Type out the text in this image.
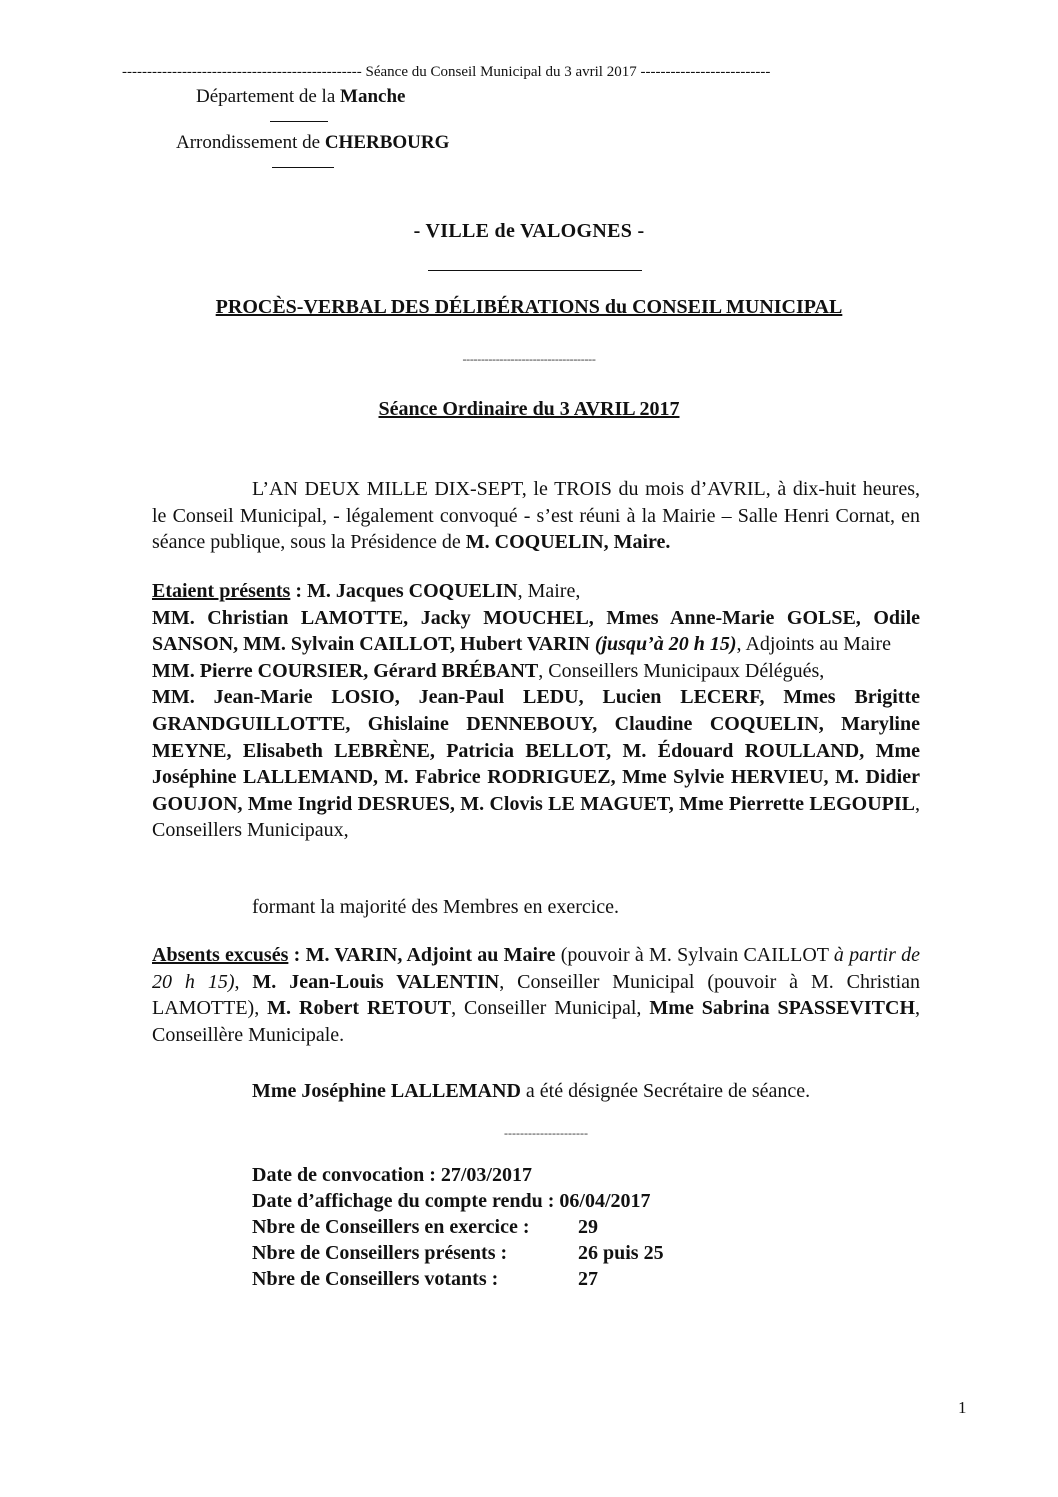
------------------------------------------------ Séance du Conseil Municipal du 3 avril 2017 --------------------------
Département de la Manche
Arrondissement de CHERBOURG
- VILLE de VALOGNES -
PROCÈS-VERBAL DES DÉLIBÉRATIONS du CONSEIL MUNICIPAL
------------------------------------
Séance Ordinaire du 3 AVRIL 2017
L’AN DEUX MILLE DIX-SEPT, le TROIS du mois d’AVRIL, à dix-huit heures, le Conseil Municipal, - légalement convoqué - s’est réuni à la Mairie – Salle Henri Cornat, en séance publique, sous la Présidence de M. COQUELIN, Maire.
Etaient présents : M. Jacques COQUELIN, Maire,
MM. Christian LAMOTTE, Jacky MOUCHEL, Mmes Anne-Marie GOLSE, Odile SANSON, MM. Sylvain CAILLOT, Hubert VARIN (jusqu’à 20 h 15), Adjoints au Maire
MM. Pierre COURSIER, Gérard BRÉBANT, Conseillers Municipaux Délégués,
MM. Jean-Marie LOSIO, Jean-Paul LEDU, Lucien LECERF, Mmes Brigitte GRANDGUILLOTTE, Ghislaine DENNEBOUY, Claudine COQUELIN, Maryline MEYNE, Elisabeth LEBRÈNE, Patricia BELLOT, M. Édouard ROULLAND, Mme Joséphine LALLEMAND, M. Fabrice RODRIGUEZ, Mme Sylvie HERVIEU, M. Didier GOUJON, Mme Ingrid DESRUES, M. Clovis LE MAGUET, Mme Pierrette LEGOUPIL, Conseillers Municipaux,
formant la majorité des Membres en exercice.
Absents excusés : M. VARIN, Adjoint au Maire (pouvoir à M. Sylvain CAILLOT à partir de 20 h 15), M. Jean-Louis VALENTIN, Conseiller Municipal (pouvoir à M. Christian LAMOTTE), M. Robert RETOUT, Conseiller Municipal, Mme Sabrina SPASSEVITCH, Conseillère Municipale.
Mme Joséphine LALLEMAND a été désignée Secrétaire de séance.
---------------------
Date de convocation : 27/03/2017
Date d’affichage du compte rendu : 06/04/2017
Nbre de Conseillers en exercice : 29
Nbre de Conseillers présents :	26 puis 25
Nbre de Conseillers votants :	27
1
